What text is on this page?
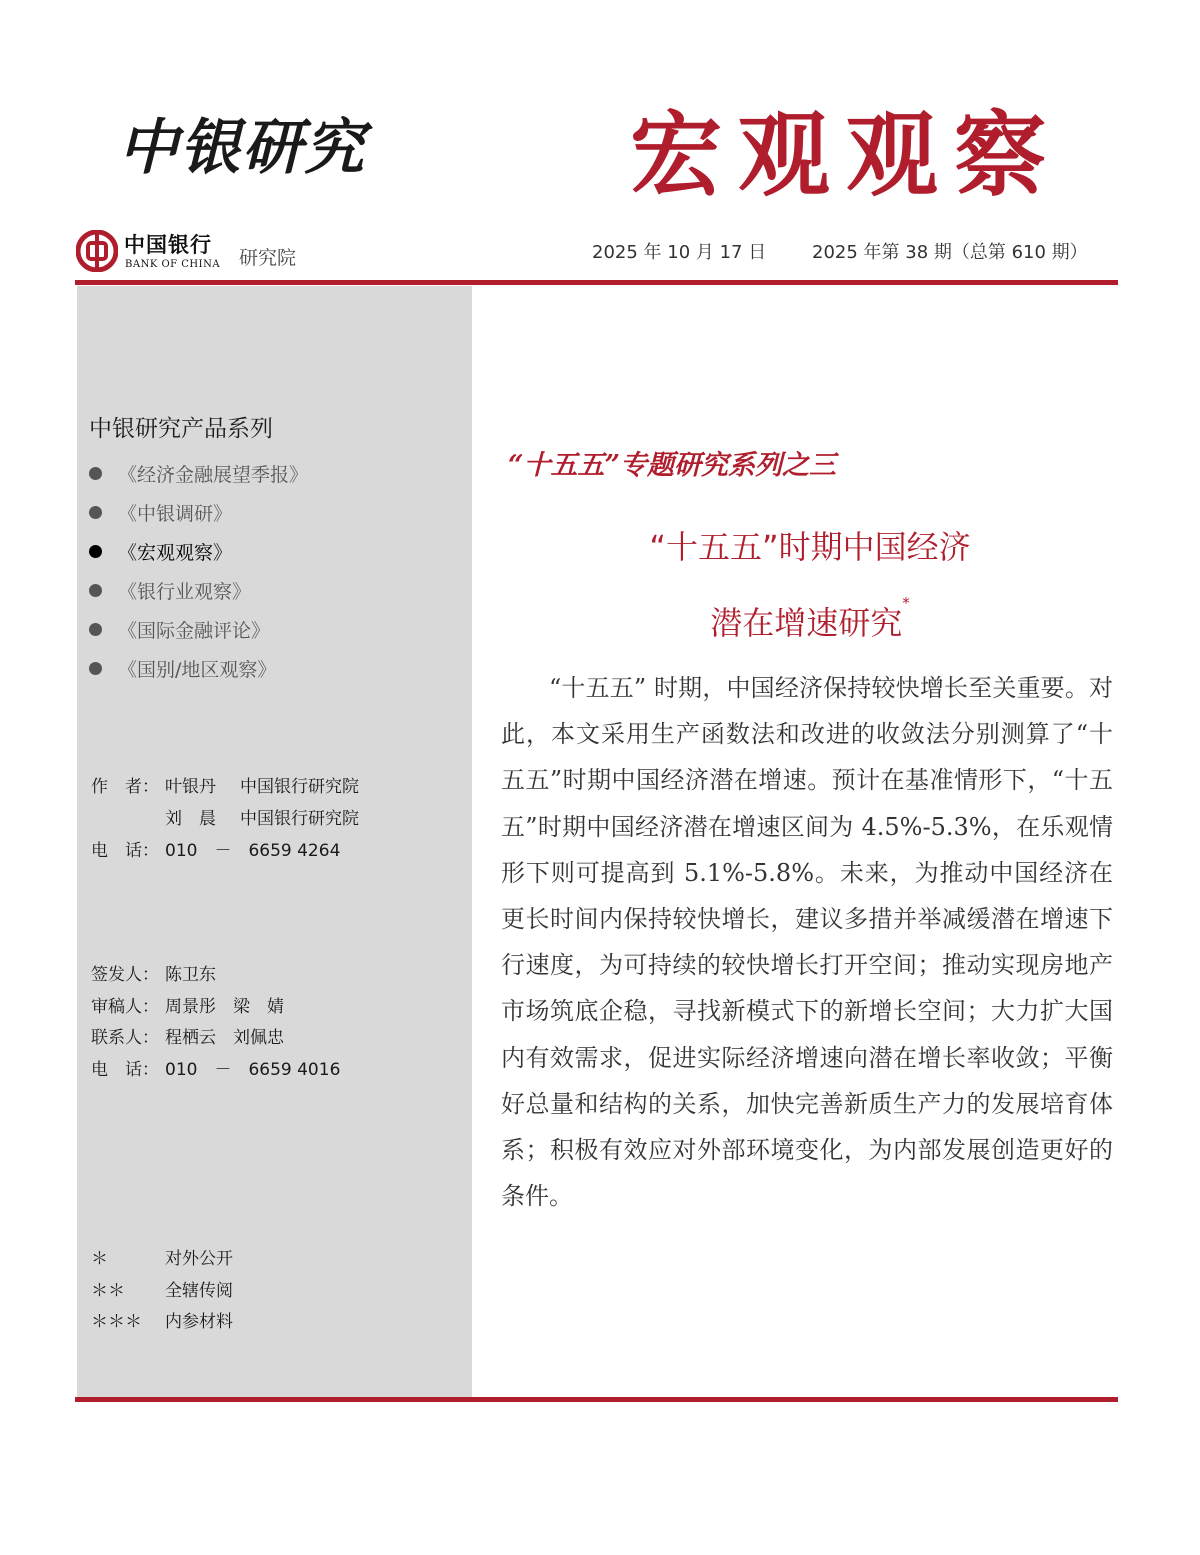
中银研究	宏观观察
中国银行
BANK OF CHINA 研究院	2025 年 10 月 17 日	2025 年第 38 期（总第 610 期）
中银研究产品系列
《经济金融展望季报》
《中银调研》
《宏观观察》
《银行业观察》
《国际金融评论》
《国别/地区观察》
作　者： 叶银丹 中国银行研究院
刘　晨 中国银行研究院
电　话： 010　－　6659 4264
签发人： 陈卫东
审稿人： 周景彤　梁　婧
联系人： 程栖云　刘佩忠
电　话： 010　－　6659 4016
＊	对外公开
＊＊ 全辖传阅
＊＊＊ 内参材料
“十五五”专题研究系列之三
“十五五”时期中国经济
潜在增速研究*

“十五五” 时期，中国经济保持较快增长至关重要。对此，本文采用生产函数法和改进的收敛法分别测算了“十五五”时期中国经济潜在增速。预计在基准情形下，“十五五”时期中国经济潜在增速区间为 4.5%-5.3%，在乐观情形下则可提高到 5.1%-5.8%。未来，为推动中国经济在更长时间内保持较快增长，建议多措并举减缓潜在增速下行速度，为可持续的较快增长打开空间；推动实现房地产市场筑底企稳，寻找新模式下的新增长空间；大力扩大国内有效需求，促进实际经济增速向潜在增长率收敛；平衡好总量和结构的关系，加快完善新质生产力的发展培育体系；积极有效应对外部环境变化，为内部发展创造更好的条件。
